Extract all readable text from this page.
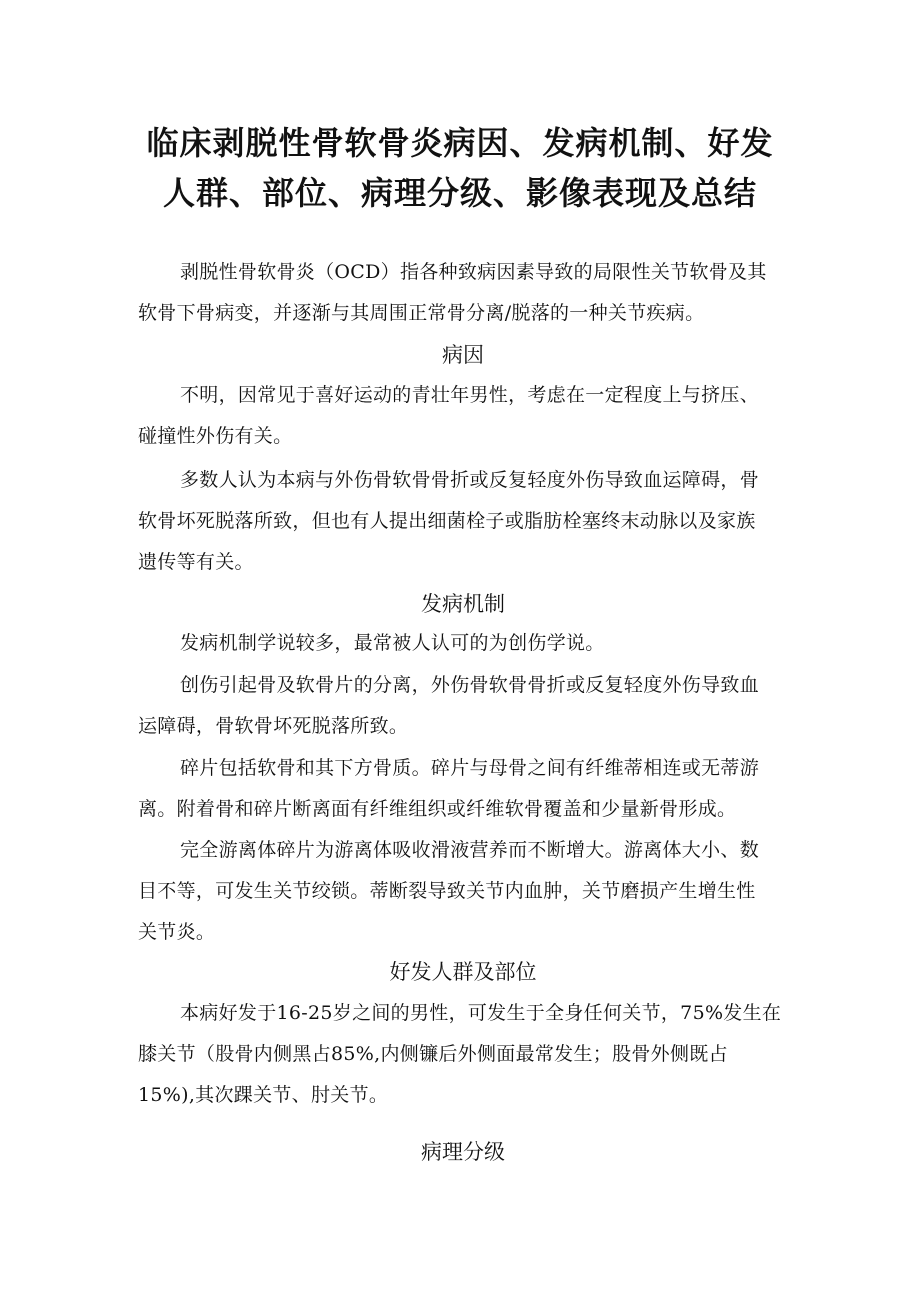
临床剥脱性骨软骨炎病因、发病机制、好发
人群、部位、病理分级、影像表现及总结

剥脱性骨软骨炎（OCD）指各种致病因素导致的局限性关节软骨及其
软骨下骨病变，并逐渐与其周围正常骨分离/脱落的一种关节疾病。

病因

不明，因常见于喜好运动的青壮年男性，考虑在一定程度上与挤压、
碰撞性外伤有关。

多数人认为本病与外伤骨软骨骨折或反复轻度外伤导致血运障碍，骨
软骨坏死脱落所致，但也有人提出细菌栓子或脂肪栓塞终末动脉以及家族
遗传等有关。

发病机制

发病机制学说较多，最常被人认可的为创伤学说。

创伤引起骨及软骨片的分离，外伤骨软骨骨折或反复轻度外伤导致血
运障碍，骨软骨坏死脱落所致。

碎片包括软骨和其下方骨质。碎片与母骨之间有纤维蒂相连或无蒂游
离。附着骨和碎片断离面有纤维组织或纤维软骨覆盖和少量新骨形成。

完全游离体碎片为游离体吸收滑液营养而不断增大。游离体大小、数
目不等，可发生关节绞锁。蒂断裂导致关节内血肿，关节磨损产生增生性
关节炎。

好发人群及部位

本病好发于16-25岁之间的男性，可发生于全身任何关节，75%发生在
膝关节（股骨内侧黑占85%,内侧镰后外侧面最常发生；股骨外侧既占
15%),其次踝关节、肘关节。

病理分级
